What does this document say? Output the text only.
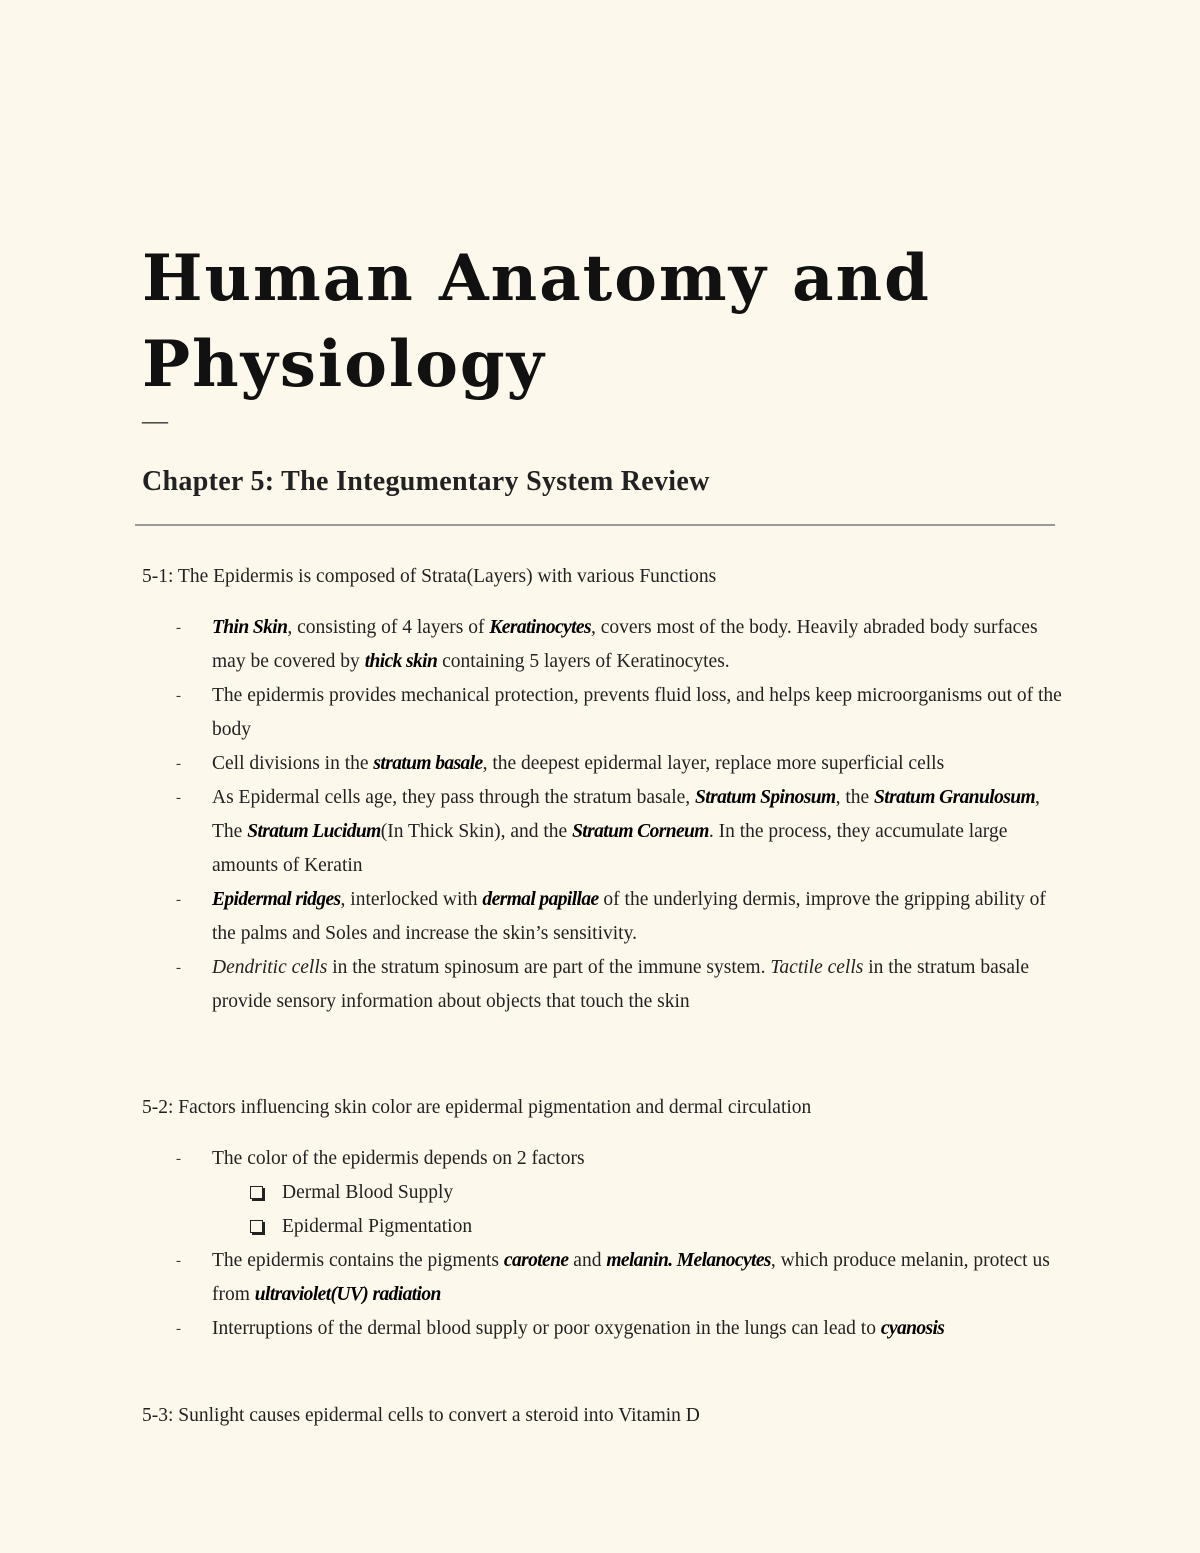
Human Anatomy and
Physiology
—
Chapter 5: The Integumentary System Review
5-1: The Epidermis is composed of Strata(Layers) with various Functions
- Thin Skin, consisting of 4 layers of Keratinocytes, covers most of the body. Heavily abraded body surfaces may be covered by thick skin containing 5 layers of Keratinocytes.
- The epidermis provides mechanical protection, prevents fluid loss, and helps keep microorganisms out of the body
- Cell divisions in the stratum basale, the deepest epidermal layer, replace more superficial cells
- As Epidermal cells age, they pass through the stratum basale, Stratum Spinosum, the Stratum Granulosum, The Stratum Lucidum(In Thick Skin), and the Stratum Corneum. In the process, they accumulate large amounts of Keratin
- Epidermal ridges, interlocked with dermal papillae of the underlying dermis, improve the gripping ability of the palms and Soles and increase the skin’s sensitivity.
- Dendritic cells in the stratum spinosum are part of the immune system. Tactile cells in the stratum basale provide sensory information about objects that touch the skin
5-2: Factors influencing skin color are epidermal pigmentation and dermal circulation
- The color of the epidermis depends on 2 factors
Dermal Blood Supply
Epidermal Pigmentation
- The epidermis contains the pigments carotene and melanin. Melanocytes, which produce melanin, protect us from ultraviolet(UV) radiation
- Interruptions of the dermal blood supply or poor oxygenation in the lungs can lead to cyanosis
5-3: Sunlight causes epidermal cells to convert a steroid into Vitamin D
